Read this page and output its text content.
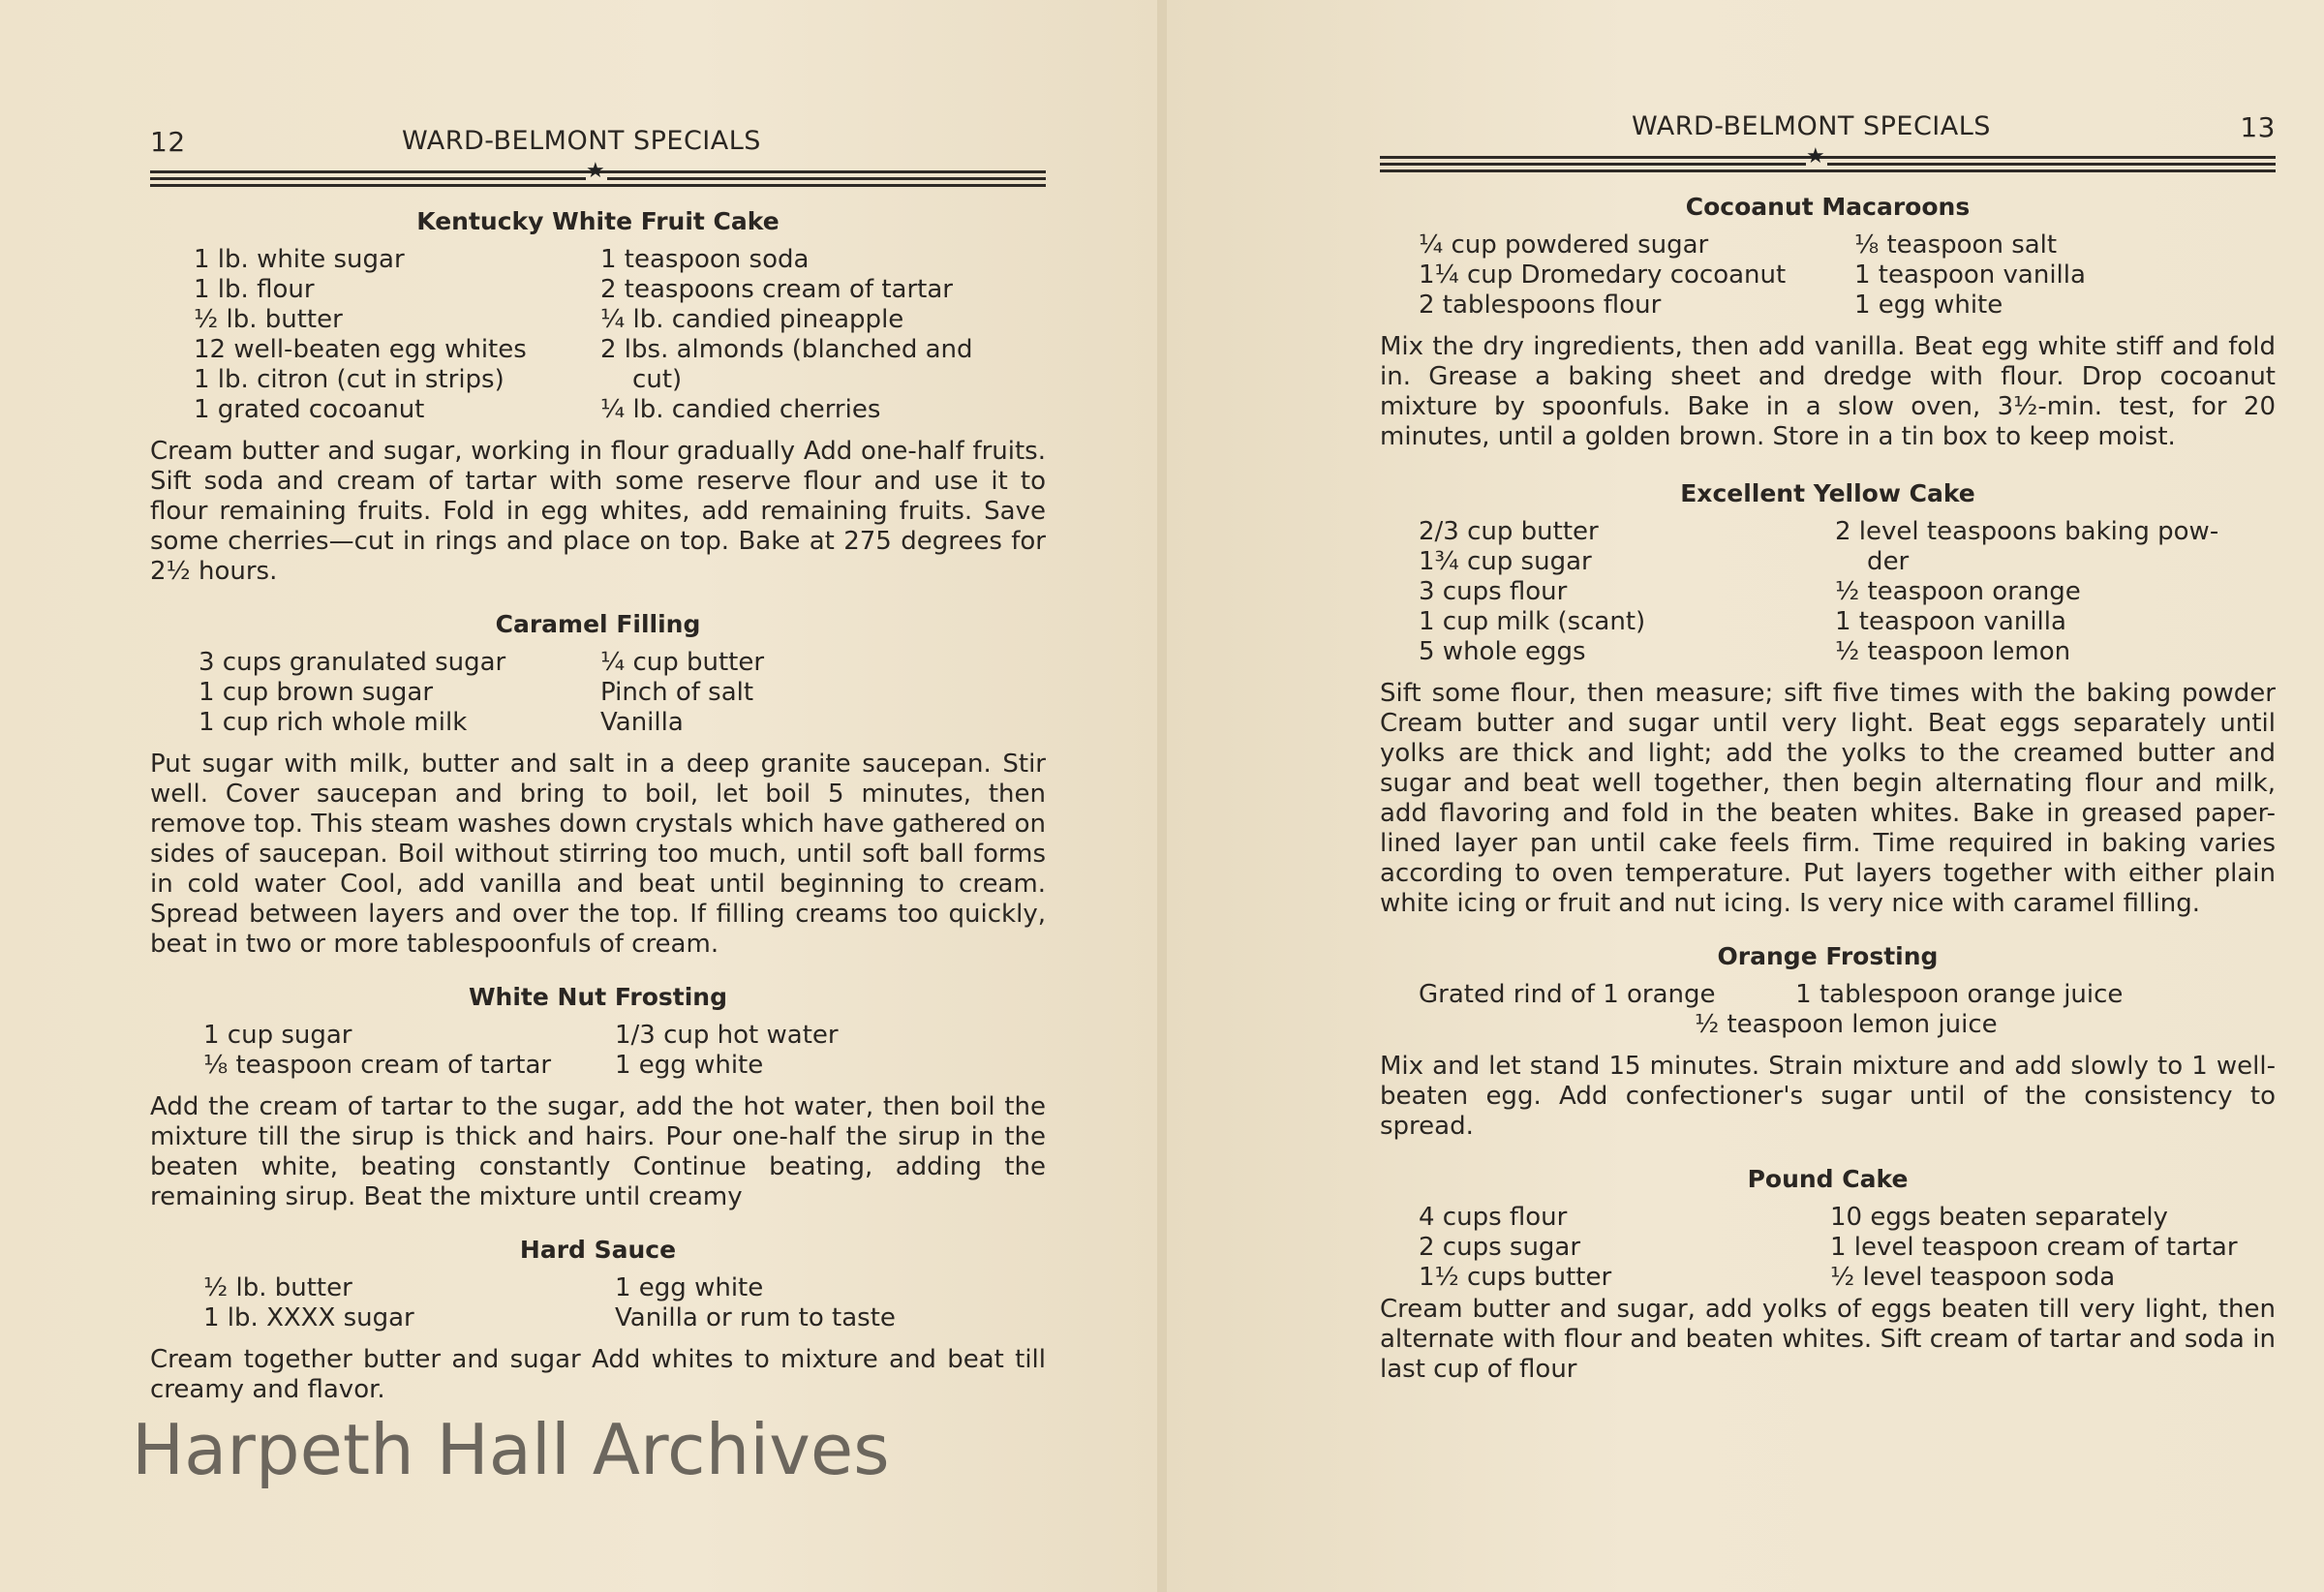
12	WARD-BELMONT SPECIALS
★
Kentucky White Fruit Cake
1 lb. white sugar
1 lb. flour
½ lb. butter
12 well-beaten egg whites
1 lb. citron (cut in strips)
1 grated cocoanut
1 teaspoon soda
2 teaspoons cream of tartar
¼ lb. candied pineapple
2 lbs. almonds (blanched and
cut)
¼ lb. candied cherries
Cream butter and sugar, working in flour gradually Add one-half fruits. Sift soda and cream of tartar with some reserve flour and use it to flour remaining fruits. Fold in egg whites, add remaining fruits. Save some cherries—cut in rings and place on top. Bake at 275 degrees for 2½ hours.
Caramel Filling
3 cups granulated sugar
1 cup brown sugar
1 cup rich whole milk
¼ cup butter
Pinch of salt
Vanilla
Put sugar with milk, butter and salt in a deep granite saucepan. Stir well. Cover saucepan and bring to boil, let boil 5 minutes, then remove top. This steam washes down crystals which have gathered on sides of saucepan. Boil without stirring too much, until soft ball forms in cold water Cool, add vanilla and beat until beginning to cream. Spread between layers and over the top. If filling creams too quickly, beat in two or more tablespoonfuls of cream.
White Nut Frosting
1 cup sugar
⅛ teaspoon cream of tartar
1/3 cup hot water
1 egg white
Add the cream of tartar to the sugar, add the hot water, then boil the mixture till the sirup is thick and hairs. Pour one-half the sirup in the beaten white, beating constantly Continue beating, adding the remaining sirup. Beat the mixture until creamy
Hard Sauce
½ lb. butter
1 lb. XXXX sugar
1 egg white
Vanilla or rum to taste
Cream together butter and sugar Add whites to mixture and beat till creamy and flavor.
WARD-BELMONT SPECIALS	13
★
Cocoanut Macaroons
¼ cup powdered sugar
1¼ cup Dromedary cocoanut
2 tablespoons flour
⅛ teaspoon salt
1 teaspoon vanilla
1 egg white
Mix the dry ingredients, then add vanilla. Beat egg white stiff and fold in. Grease a baking sheet and dredge with flour. Drop cocoanut mixture by spoonfuls. Bake in a slow oven, 3½-min. test, for 20 minutes, until a golden brown. Store in a tin box to keep moist.
Excellent Yellow Cake
2/3 cup butter
1¾ cup sugar
3 cups flour
1 cup milk (scant)
5 whole eggs
2 level teaspoons baking pow-
der
½ teaspoon orange
1 teaspoon vanilla
½ teaspoon lemon
Sift some flour, then measure; sift five times with the baking powder Cream butter and sugar until very light. Beat eggs separately until yolks are thick and light; add the yolks to the creamed butter and sugar and beat well together, then begin alternating flour and milk, add flavoring and fold in the beaten whites. Bake in greased paper-lined layer pan until cake feels firm. Time required in baking varies according to oven temperature. Put layers together with either plain white icing or fruit and nut icing. Is very nice with caramel filling.
Orange Frosting
Grated rind of 1 orange          1 tablespoon orange juice
½ teaspoon lemon juice
Mix and let stand 15 minutes. Strain mixture and add slowly to 1 well-beaten egg. Add confectioner's sugar until of the consistency to spread.
Pound Cake
4 cups flour
2 cups sugar
1½ cups butter
10 eggs beaten separately
1 level teaspoon cream of tartar
½ level teaspoon soda
Cream butter and sugar, add yolks of eggs beaten till very light, then alternate with flour and beaten whites. Sift cream of tartar and soda in last cup of flour
Harpeth Hall Archives
